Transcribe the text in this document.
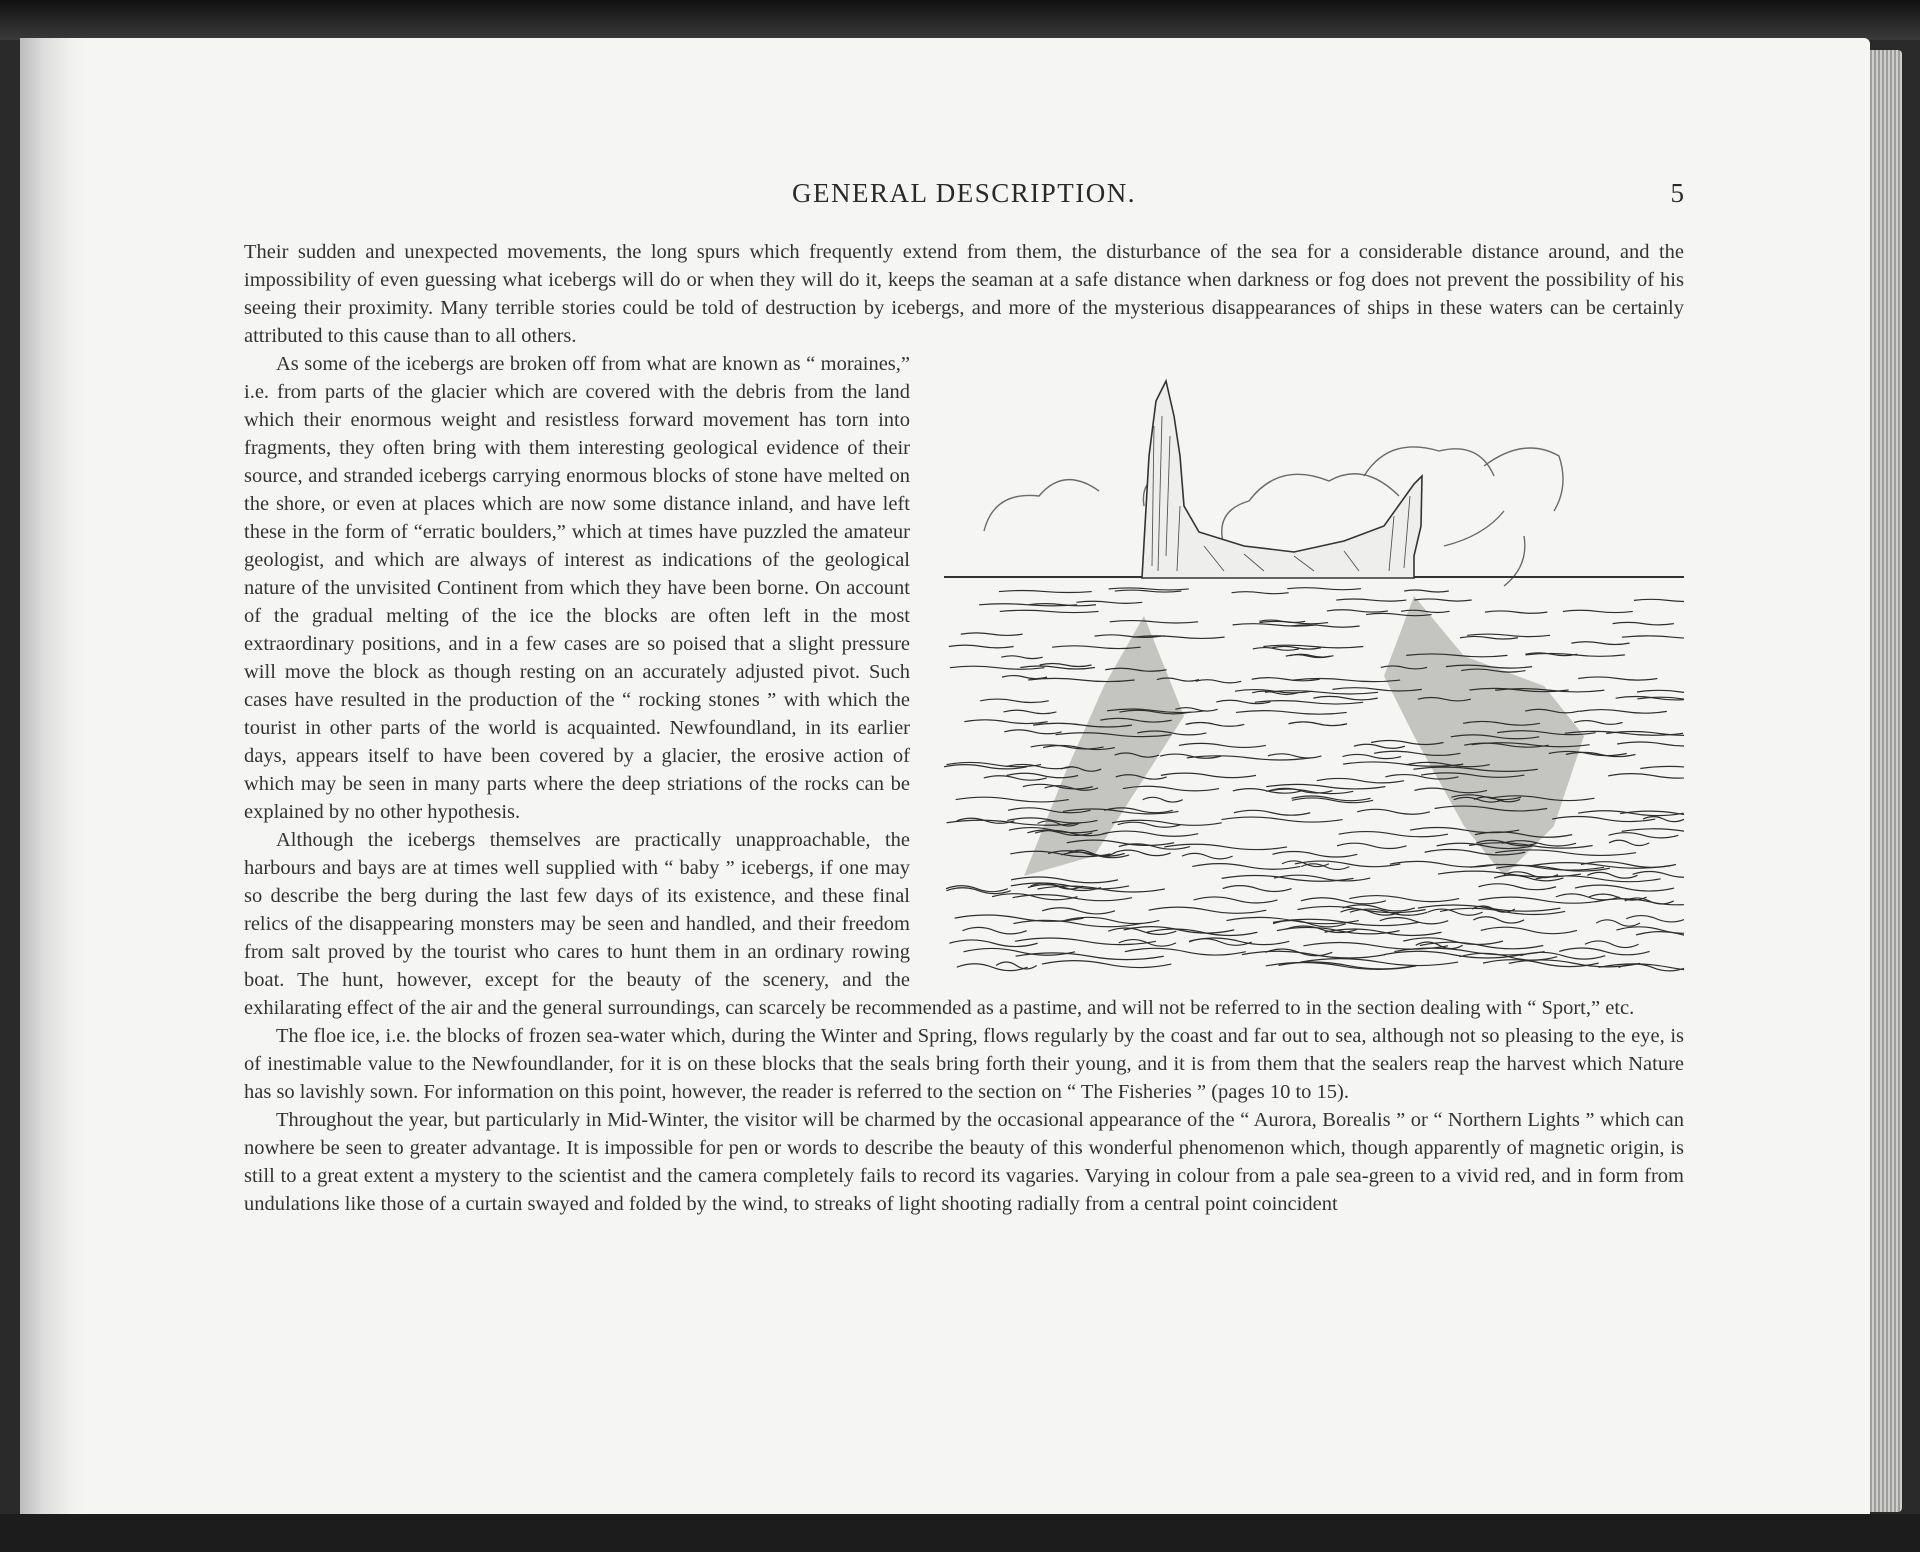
GENERAL DESCRIPTION.	5

Their sudden and unexpected movements, the long spurs which frequently extend from them, the disturbance of the sea for a considerable distance around, and the impossibility of even guessing what icebergs will do or when they will do it, keeps the seaman at a safe distance when darkness or fog does not prevent the possibility of his seeing their proximity. Many terrible stories could be told of destruction by icebergs, and more of the mysterious disappearances of ships in these waters can be certainly attributed to this cause than to all others.

As some of the icebergs are broken off from what are known as “ moraines,” i.e. from parts of the glacier which are covered with the debris from the land which their enormous weight and resistless forward movement has torn into fragments, they often bring with them interesting geological evidence of their source, and stranded icebergs carrying enormous blocks of stone have melted on the shore, or even at places which are now some distance inland, and have left these in the form of “erratic boulders,” which at times have puzzled the amateur geologist, and which are always of interest as indications of the geological nature of the unvisited Continent from which they have been borne. On account of the gradual melting of the ice the blocks are often left in the most extraordinary positions, and in a few cases are so poised that a slight pressure will move the block as though resting on an accurately adjusted pivot. Such cases have resulted in the production of the “ rocking stones ” with which the tourist in other parts of the world is acquainted. Newfoundland, in its earlier days, appears itself to have been covered by a glacier, the erosive action of which may be seen in many parts where the deep striations of the rocks can be explained by no other hypothesis.

Although the icebergs themselves are practically unapproachable, the harbours and bays are at times well supplied with “ baby ” icebergs, if one may so describe the berg during the last few days of its existence, and these final relics of the disappearing monsters may be seen and handled, and their freedom from salt proved by the tourist who cares to hunt them in an ordinary rowing boat. The hunt, however, except for the beauty of the scenery, and the exhilarating effect of the air and the general surroundings, can scarcely be recommended as a pastime, and will not be referred to in the section dealing with “ Sport,” etc.

The floe ice, i.e. the blocks of frozen sea-water which, during the Winter and Spring, flows regularly by the coast and far out to sea, although not so pleasing to the eye, is of inestimable value to the Newfoundlander, for it is on these blocks that the seals bring forth their young, and it is from them that the sealers reap the harvest which Nature has so lavishly sown. For information on this point, however, the reader is referred to the section on “ The Fisheries ” (pages 10 to 15).

Throughout the year, but particularly in Mid-Winter, the visitor will be charmed by the occasional appearance of the “ Aurora, Borealis ” or “ Northern Lights ” which can nowhere be seen to greater advantage. It is impossible for pen or words to describe the beauty of this wonderful phenomenon which, though apparently of magnetic origin, is still to a great extent a mystery to the scientist and the camera completely fails to record its vagaries. Varying in colour from a pale sea-green to a vivid red, and in form from undulations like those of a curtain swayed and folded by the wind, to streaks of light shooting radially from a central point coincident
